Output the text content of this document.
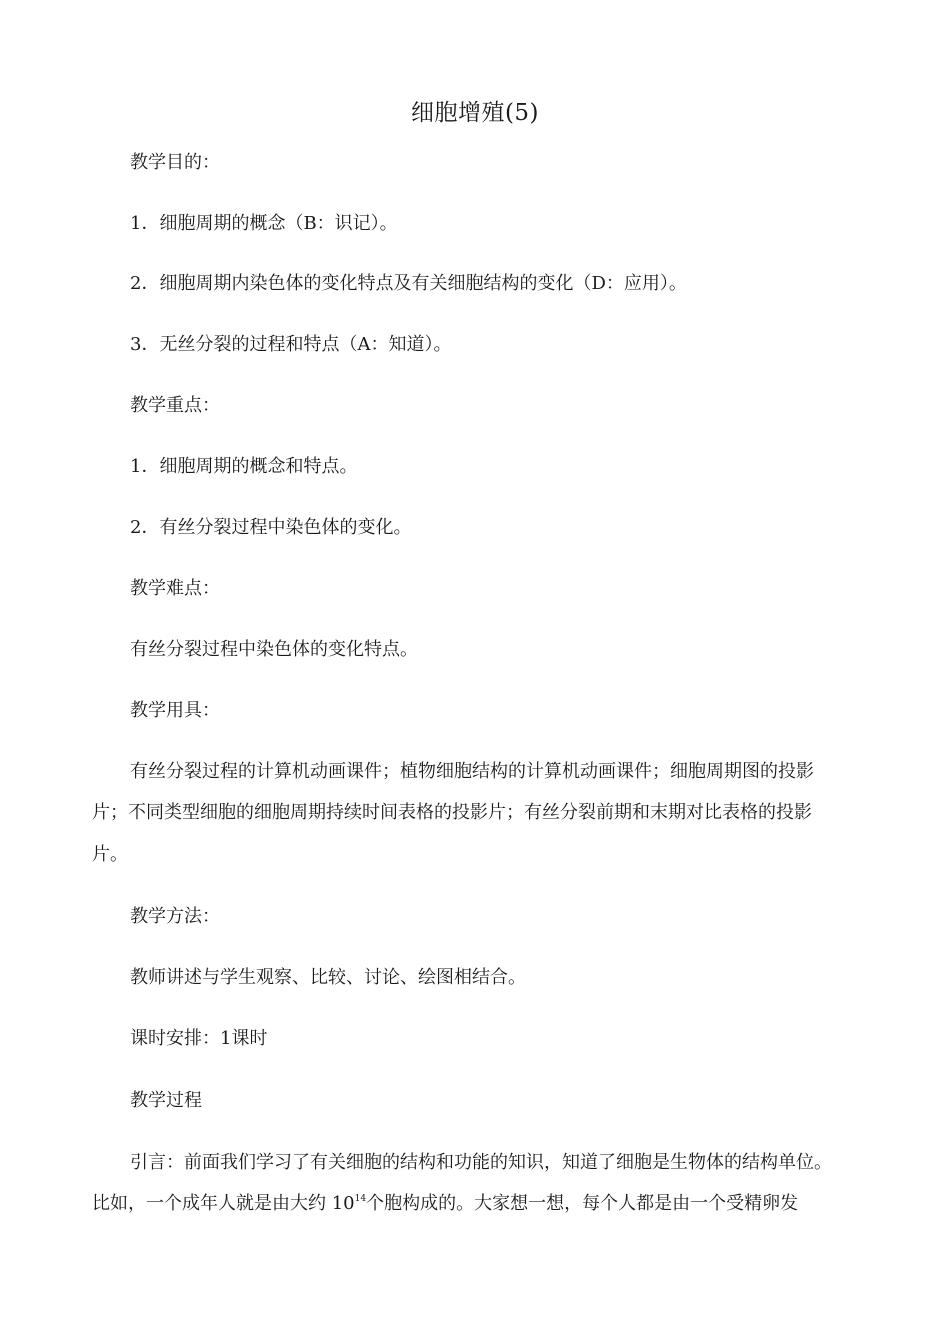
细胞增殖(5)
教学目的：
1．细胞周期的概念（B：识记）。
2．细胞周期内染色体的变化特点及有关细胞结构的变化（D：应用）。
3．无丝分裂的过程和特点（A：知道）。
教学重点：
1．细胞周期的概念和特点。
2．有丝分裂过程中染色体的变化。
教学难点：
有丝分裂过程中染色体的变化特点。
教学用具：
有丝分裂过程的计算机动画课件；植物细胞结构的计算机动画课件；细胞周期图的投影
片；不同类型细胞的细胞周期持续时间表格的投影片；有丝分裂前期和末期对比表格的投影
片。
教学方法：
教师讲述与学生观察、比较、讨论、绘图相结合。
课时安排：1课时
教学过程
引言：前面我们学习了有关细胞的结构和功能的知识，知道了细胞是生物体的结构单位。
比如，一个成年人就是由大约 $10^{14}$个胞构成的。大家想一想，每个人都是由一个受精卵发
